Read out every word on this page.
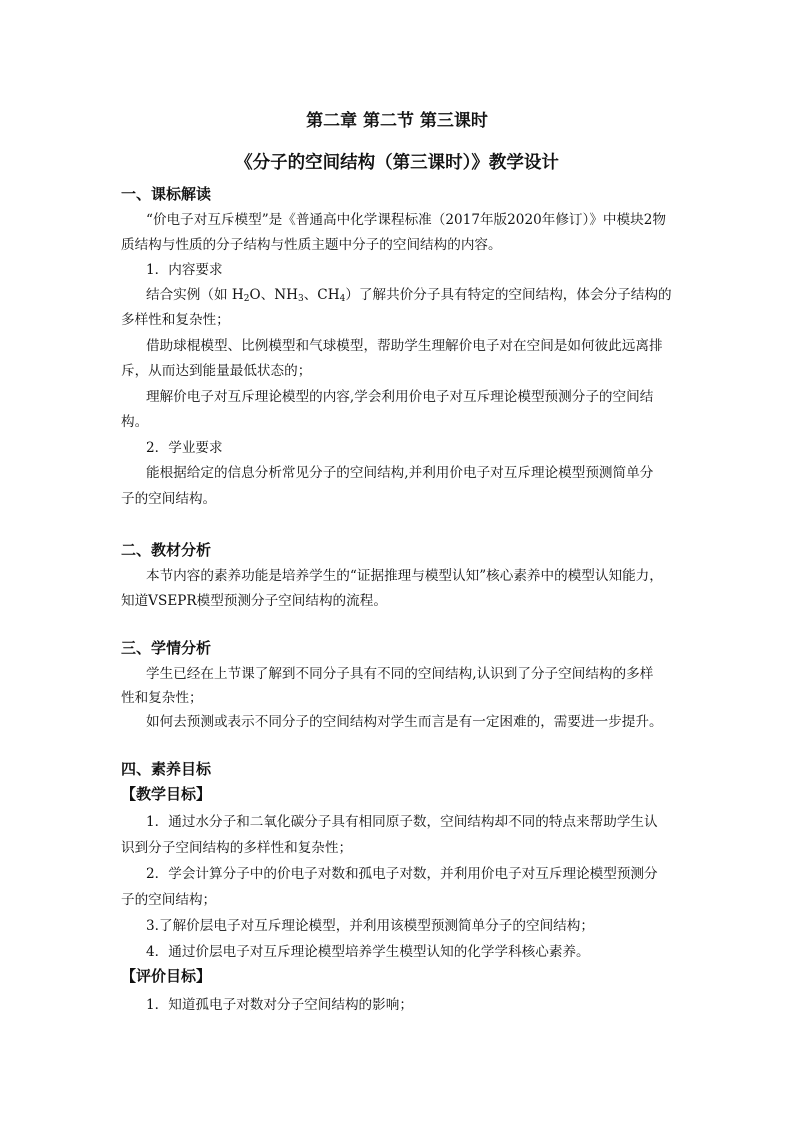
第二章 第二节 第三课时
《分子的空间结构（第三课时）》教学设计
一、课标解读
“价电子对互斥模型”是《普通高中化学课程标准（2017年版2020年修订）》中模块2物
质结构与性质的分子结构与性质主题中分子的空间结构的内容。
1．内容要求
结合实例（如 $H_2O$、$NH_3$、$CH_4$）了解共价分子具有特定的空间结构，体会分子结构的
多样性和复杂性；
借助球棍模型、比例模型和气球模型，帮助学生理解价电子对在空间是如何彼此远离排
斥，从而达到能量最低状态的；
理解价电子对互斥理论模型的内容,学会利用价电子对互斥理论模型预测分子的空间结
构。
2．学业要求
能根据给定的信息分析常见分子的空间结构,并利用价电子对互斥理论模型预测简单分
子的空间结构。
二、教材分析
本节内容的素养功能是培养学生的“证据推理与模型认知”核心素养中的模型认知能力，
知道VSEPR模型预测分子空间结构的流程。
三、学情分析
学生已经在上节课了解到不同分子具有不同的空间结构,认识到了分子空间结构的多样
性和复杂性；
如何去预测或表示不同分子的空间结构对学生而言是有一定困难的，需要进一步提升。
四、素养目标
【教学目标】
1．通过水分子和二氧化碳分子具有相同原子数，空间结构却不同的特点来帮助学生认
识到分子空间结构的多样性和复杂性；
2．学会计算分子中的价电子对数和孤电子对数，并利用价电子对互斥理论模型预测分
子的空间结构；
3.了解价层电子对互斥理论模型，并利用该模型预测简单分子的空间结构；
4．通过价层电子对互斥理论模型培养学生模型认知的化学学科核心素养。
【评价目标】
1．知道孤电子对数对分子空间结构的影响；
